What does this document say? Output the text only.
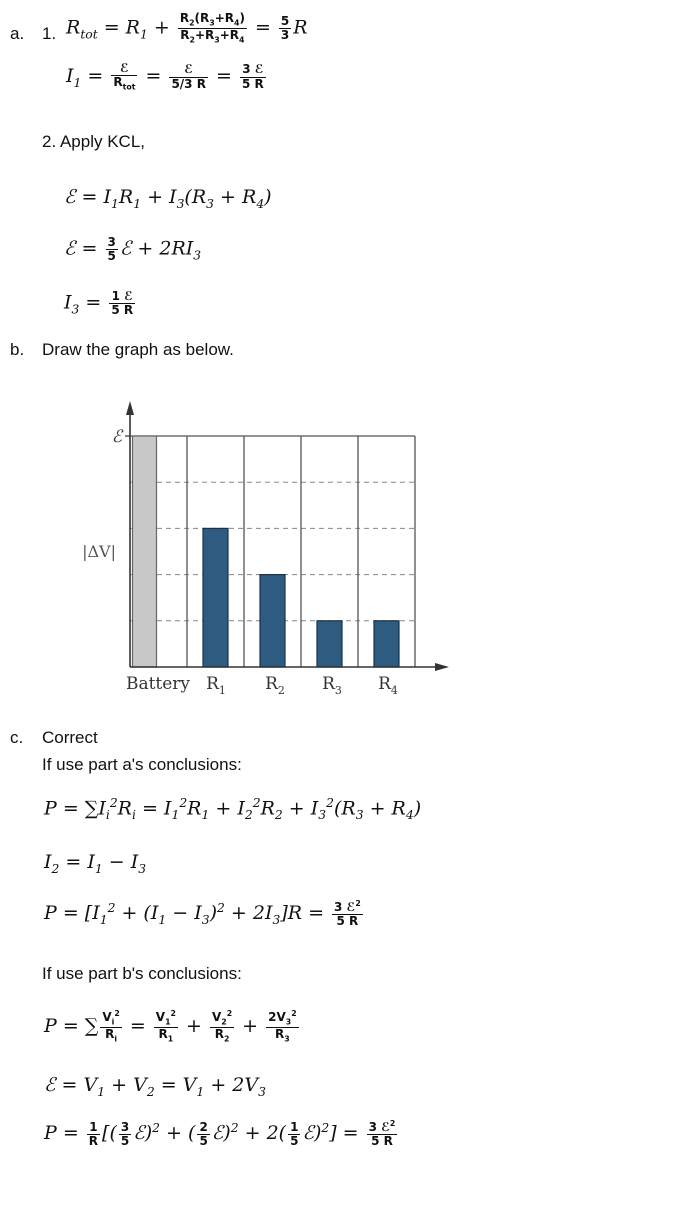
a. 1. $R_{tot} = R_1 + \frac{R_2(R_3+R_4)}{R_2+R_3+R_4} = \frac{5}{3}$ R
$I_1 = \frac{\text{ℰ}}{R_{tot}} = \frac{\text{ℰ}}{5/3 R} = \frac{\text{3 ℰ}}{5 R}$
2. Apply KCL,
ℰ = $I_1R_1 + I_3(R_3 + R_4)$
ℰ = $\frac{3}{5}$ ℰ + $2RI_3$
$I_3 = \frac{\text{1 ℰ}}{5 R}$
b. Draw the graph as below.
ℰ
|ΔV|
Battery $R_1$ $R_2$ $R_3$ $R_4$
c. Correct
If use part a's conclusions:
$P = \sum I_i^2R_i = I_1^2R_1 + I_2^2R_2 + I_3^2(R_3 + R_4)$
$I_2 = I_1 - I_3$
$P = [I_1^2 + (I_1 - I_3)^2 + 2I_3]R = \frac{3 ℰ^2}{5 R}$
If use part b's conclusions:
P = ∑ $\frac{V_i^2}{R_i} = \frac{V_1^2}{R_1} + \frac{V_2^2}{R_2} + \frac{2V_3^2}{R_3}$
ℰ = $V_1 + V_2 = V_1 + 2V_3$
$P = \frac{1}{R}$ [( $\frac{3}{5}$ ℰ)$^2$ + ( $\frac{2}{5}$ ℰ)$^2$ + $2( \frac{1}{5}$ ℰ)$^2$] = $\frac{3 ℰ^2}{5 R}$
